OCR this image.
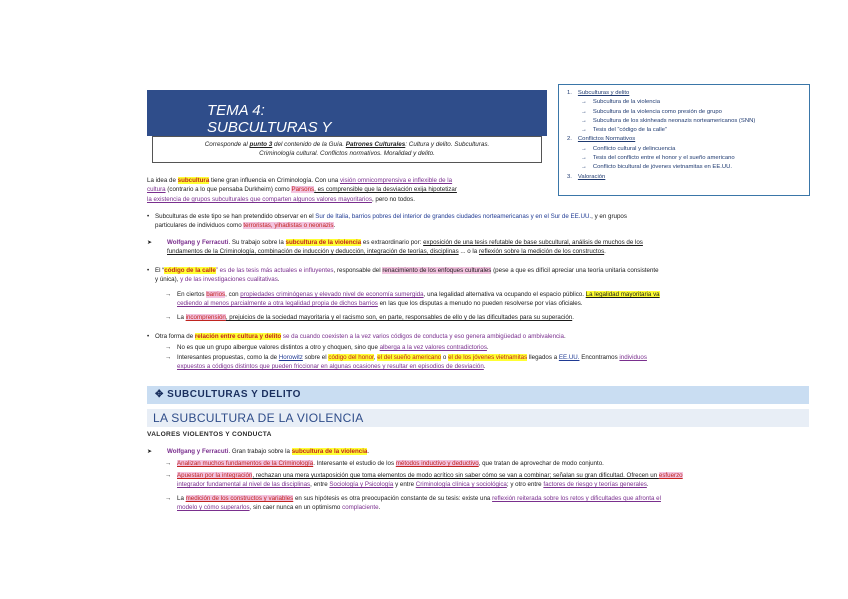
TEMA 4:
SUBCULTURAS Y
Corresponde al punto 3 del contenido de la Guía. Patrones Culturales: Cultura y delito. Subculturas.
Criminología cultural. Conflictos normativos. Moralidad y delito.
1. Subculturas y delito
→ Subcultura de la violencia
→ Subcultura de la violencia como presión de grupo
→ Subcultura de los skinheads neonazis norteamericanos (SNN)
→ Tesis del “código de la calle”
2. Conflictos Normativos
→ Conflicto cultural y delincuencia
→ Tesis del conflicto entre el honor y el sueño americano
→ Conflicto bicultural de jóvenes vietnamitas en EE.UU.
3. Valoración
La idea de subcultura tiene gran influencia en Criminología. Con una visión omnicomprensiva e inflexible de la
cultura (contrario a lo que pensaba Durkheim) como Parsons, es comprensible que la desviación exija hipotetizar
la existencia de grupos subculturales que comparten algunos valores mayoritarios, pero no todos.
• Subculturas de este tipo se han pretendido observar en el Sur de Italia, barrios pobres del interior de grandes ciudades norteamericanas y en el Sur de EE.UU., y en grupos
particulares de individuos como terroristas, yihadistas o neonazis.
➤ Wolfgang y Ferracuti. Su trabajo sobre la subcultura de la violencia es extraordinario por: exposición de una tesis refutable de base subcultural, análisis de muchos de los
fundamentos de la Criminología, combinación de inducción y deducción, integración de teorías, disciplinas ... o la reflexión sobre la medición de los constructos.
• El “código de la calle” es de las tesis más actuales e influyentes, responsable del renacimiento de los enfoques culturales (pese a que es difícil apreciar una teoría unitaria consistente
y única), y de las investigaciones cualitativas.
→ En ciertos barrios, con propiedades criminógenas y elevado nivel de economía sumergida, una legalidad alternativa va ocupando el espacio público. La legalidad mayoritaria va
cediendo al menos parcialmente a otra legalidad propia de dichos barrios en las que los disputas a menudo no pueden resolverse por vías oficiales.
→ La incomprensión, prejuicios de la sociedad mayoritaria y el racismo son, en parte, responsables de ello y de las dificultades para su superación.
• Otra forma de relación entre cultura y delito se da cuando coexisten a la vez varios códigos de conducta y eso genera ambigüedad o ambivalencia.
→ No es que un grupo albergue valores distintos a otro y choquen, sino que alberga a la vez valores contradictorios.
→ Interesantes propuestas, como la de Horowitz sobre el código del honor, el del sueño americano o el de los jóvenes vietnamitas llegados a EE.UU. Encontramos individuos
expuestos a códigos distintos que pueden friccionar en algunas ocasiones y resultar en episodios de desviación.
✥ SUBCULTURAS Y DELITO
LA SUBCULTURA DE LA VIOLENCIA
VALORES VIOLENTOS Y CONDUCTA
➤ Wolfgang y Ferracuti. Gran trabajo sobre la subcultura de la violencia.
→ Analizan muchos fundamentos de la Criminología. Interesante el estudio de los métodos inductivo y deductivo, que tratan de aprovechar de modo conjunto.
→ Apuestan por la integración, rechazan una mera yuxtaposición que toma elementos de modo acrítico sin saber cómo se van a combinar; señalan su gran dificultad. Ofrecen un esfuerzo
integrador fundamental al nivel de las disciplinas, entre Sociología y Psicología y entre Criminología clínica y sociológica; y otro entre factores de riesgo y teorías generales.
→ La medición de los constructos y variables en sus hipótesis es otra preocupación constante de su tesis: existe una reflexión reiterada sobre los retos y dificultades que afronta el
modelo y cómo superarlos, sin caer nunca en un optimismo complaciente.
